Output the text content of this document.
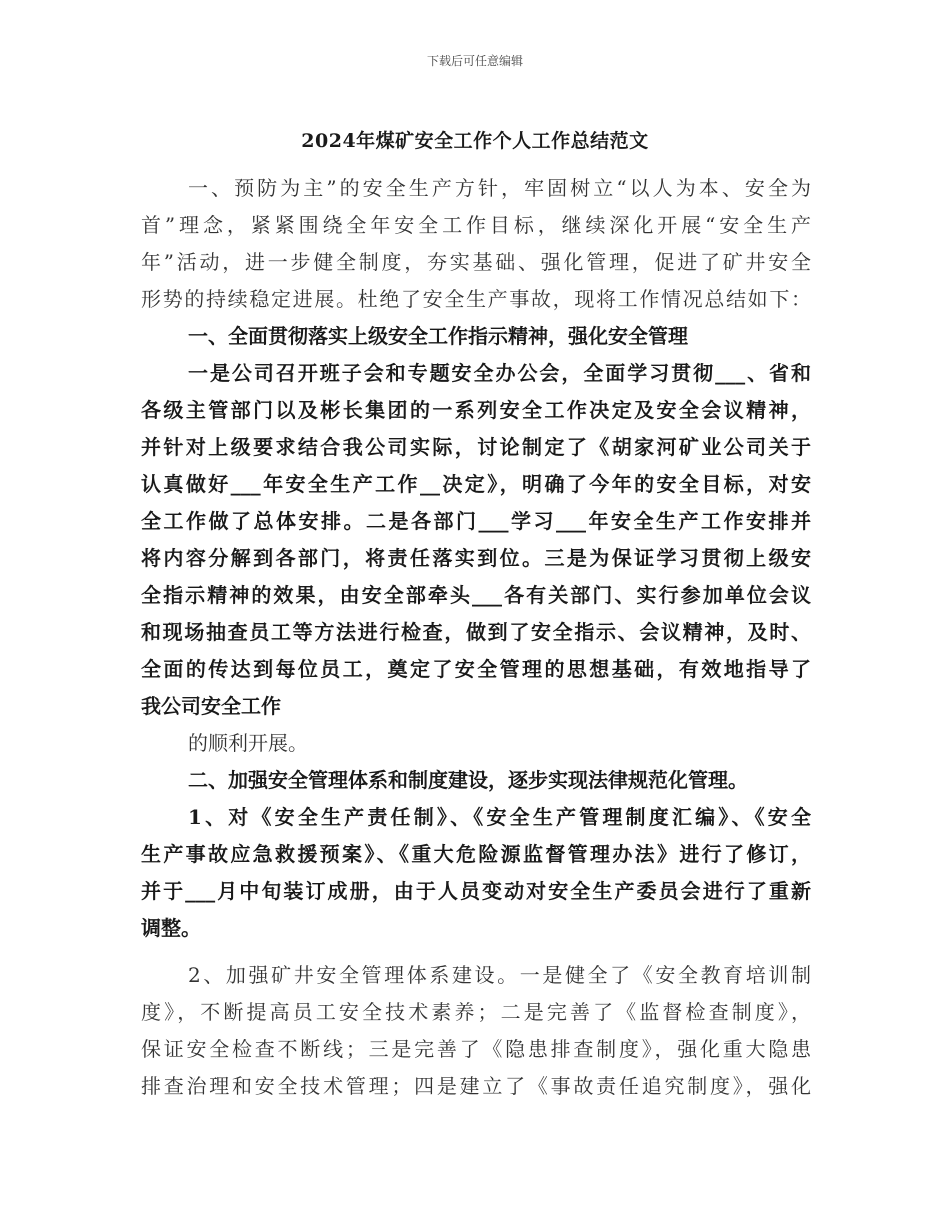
下载后可任意编辑
2024年煤矿安全工作个人工作总结范文
一、预防为主”的安全生产方针，牢固树立“以人为本、安全为
首”理念，紧紧围绕全年安全工作目标，继续深化开展“安全生产
年”活动，进一步健全制度，夯实基础、强化管理，促进了矿井安全
形势的持续稳定进展。杜绝了安全生产事故，现将工作情况总结如下：
一、全面贯彻落实上级安全工作指示精神，强化安全管理
一是公司召开班子会和专题安全办公会，全面学习贯彻___、省和
各级主管部门以及彬长集团的一系列安全工作决定及安全会议精神，
并针对上级要求结合我公司实际，讨论制定了《胡家河矿业公司关于
认真做好___年安全生产工作__决定》，明确了今年的安全目标，对安
全工作做了总体安排。二是各部门___学习___年安全生产工作安排并
将内容分解到各部门，将责任落实到位。三是为保证学习贯彻上级安
全指示精神的效果，由安全部牵头___各有关部门、实行参加单位会议
和现场抽查员工等方法进行检查，做到了安全指示、会议精神，及时、
全面的传达到每位员工，奠定了安全管理的思想基础，有效地指导了
我公司安全工作
的顺利开展。
二、加强安全管理体系和制度建设，逐步实现法律规范化管理。
1、对《安全生产责任制》、《安全生产管理制度汇编》、《安全
生产事故应急救援预案》、《重大危险源监督管理办法》进行了修订，
并于___月中旬装订成册，由于人员变动对安全生产委员会进行了重新
调整。
2、加强矿井安全管理体系建设。一是健全了《安全教育培训制
度》，不断提高员工安全技术素养；二是完善了《监督检查制度》，
保证安全检查不断线；三是完善了《隐患排查制度》，强化重大隐患
排查治理和安全技术管理；四是建立了《事故责任追究制度》，强化
